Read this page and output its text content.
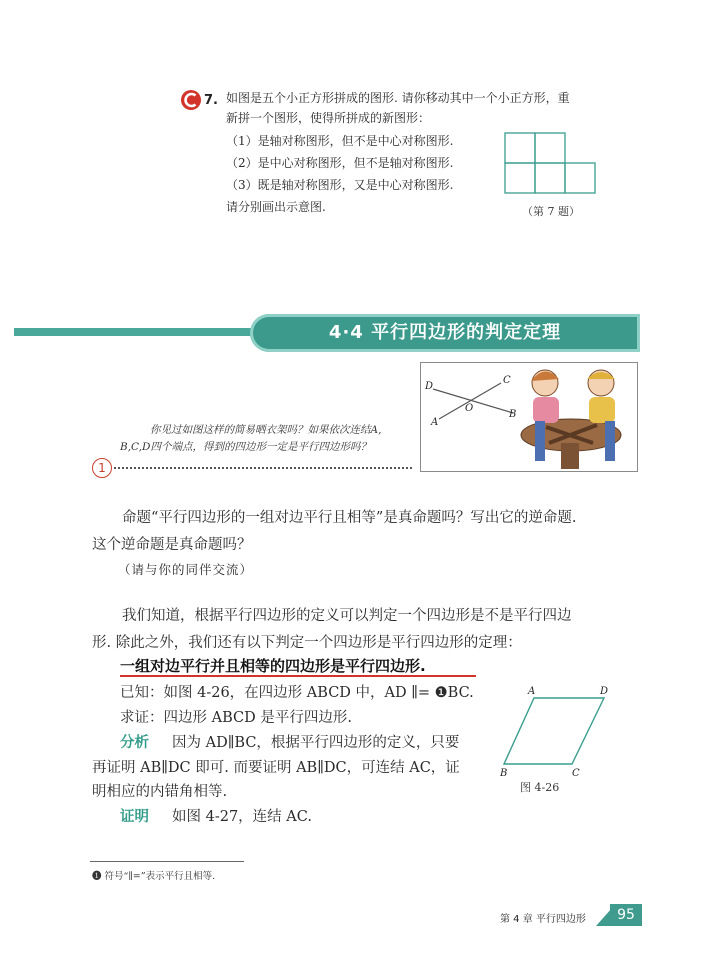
7. 如图是五个小正方形拼成的图形. 请你移动其中一个小正方形，重
新拼一个图形，使得所拼成的新图形：
（1）是轴对称图形，但不是中心对称图形.
（2）是中心对称图形，但不是轴对称图形.
（3）既是轴对称图形，又是中心对称图形.
请分别画出示意图.	（第 7 题）
4·4 平行四边形的判定定理
D
C
O
A
B
你见过如图这样的简易晒衣架吗？如果依次连结A,
B,C,D四个端点，得到的四边形一定是平行四边形吗？
1
命题“平行四边形的一组对边平行且相等”是真命题吗？写出它的逆命题.
这个逆命题是真命题吗？
（请与你的同伴交流）
我们知道，根据平行四边形的定义可以判定一个四边形是不是平行四边
形. 除此之外，我们还有以下判定一个四边形是平行四边形的定理：
一组对边平行并且相等的四边形是平行四边形.
已知：如图 4-26，在四边形 ABCD 中，AD ∥= ❶BC.
求证：四边形 ABCD 是平行四边形.
分析 因为 AD∥BC，根据平行四边形的定义，只要
再证明 AB∥DC 即可. 而要证明 AB∥DC，可连结 AC，证
明相应的内错角相等.
证明 如图 4-27，连结 AC.
A	D
B	C
图 4-26
❶ 符号“∥=”表示平行且相等.
第 4 章 平行四边形	95
